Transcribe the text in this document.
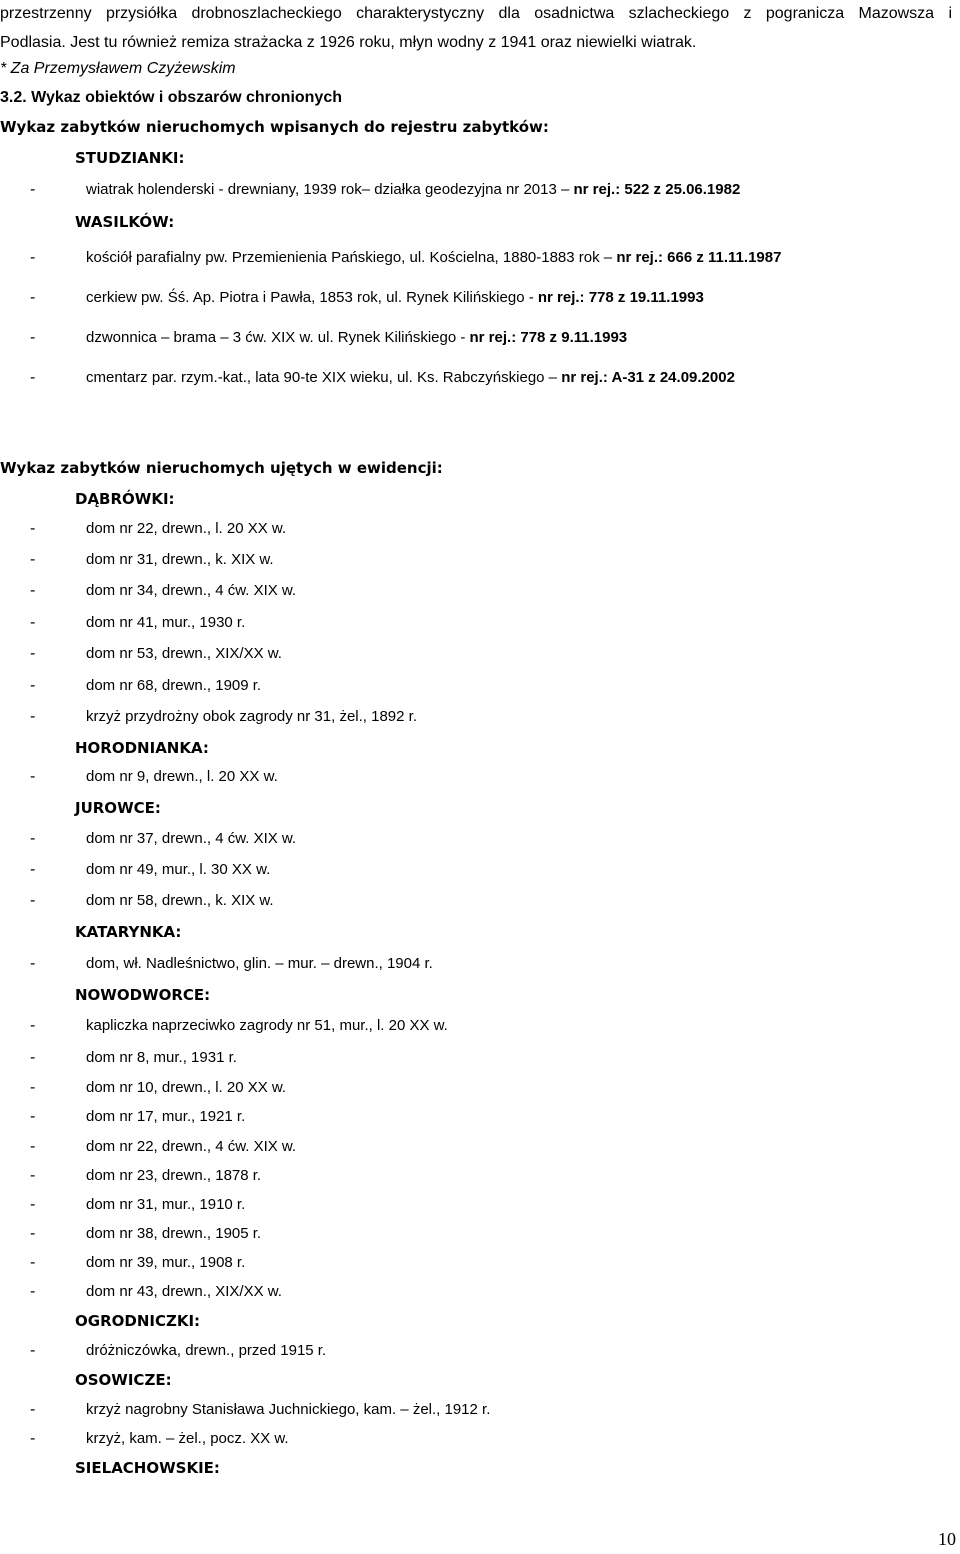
przestrzenny przysiółka drobnoszlacheckiego charakterystyczny dla osadnictwa szlacheckiego z pogranicza Mazowsza i
Podlasia. Jest tu również remiza strażacka z 1926 roku, młyn wodny z 1941 oraz niewielki wiatrak.
* Za Przemysławem Czyżewskim
3.2. Wykaz obiektów i obszarów chronionych
Wykaz zabytków nieruchomych wpisanych do rejestru zabytków:
STUDZIANKI:
-	wiatrak holenderski - drewniany, 1939 rok– działka geodezyjna nr 2013 – nr rej.: 522 z 25.06.1982
WASILKÓW:
-	kościół parafialny pw. Przemienienia Pańskiego, ul. Kościelna, 1880-1883 rok – nr rej.: 666 z 11.11.1987
-	cerkiew pw. Śś. Ap. Piotra i Pawła, 1853 rok, ul. Rynek Kilińskiego - nr rej.: 778 z 19.11.1993
-	dzwonnica – brama – 3 ćw. XIX w. ul. Rynek Kilińskiego - nr rej.: 778 z 9.11.1993
-	cmentarz par. rzym.-kat., lata 90-te XIX wieku, ul. Ks. Rabczyńskiego – nr rej.: A-31 z 24.09.2002
Wykaz zabytków nieruchomych ujętych w ewidencji:
DĄBRÓWKI:
-	dom nr 22, drewn., l. 20 XX w.
-	dom nr 31, drewn., k. XIX w.
-	dom nr 34, drewn., 4 ćw. XIX w.
-	dom nr 41, mur., 1930 r.
-	dom nr 53, drewn., XIX/XX w.
-	dom nr 68, drewn., 1909 r.
-	krzyż przydrożny obok zagrody nr 31, żel., 1892 r.
HORODNIANKA:
-	dom nr 9, drewn., l. 20 XX w.
JUROWCE:
-	dom nr 37, drewn., 4 ćw. XIX w.
-	dom nr 49, mur., l. 30 XX w.
-	dom nr 58, drewn., k. XIX w.
KATARYNKA:
-	dom, wł. Nadleśnictwo, glin. – mur. – drewn., 1904 r.
NOWODWORCE:
-	kapliczka naprzeciwko zagrody nr 51, mur., l. 20 XX w.
-	dom nr 8, mur., 1931 r.
-	dom nr 10, drewn., l. 20 XX w.
-	dom nr 17, mur., 1921 r.
-	dom nr 22, drewn., 4 ćw. XIX w.
-	dom nr 23, drewn., 1878 r.
-	dom nr 31, mur., 1910 r.
-	dom nr 38, drewn., 1905 r.
-	dom nr 39, mur., 1908 r.
-	dom nr 43, drewn., XIX/XX w.
OGRODNICZKI:
-	dróżniczówka, drewn., przed 1915 r.
OSOWICZE:
-	krzyż nagrobny Stanisława Juchnickiego, kam. – żel., 1912 r.
-	krzyż, kam. – żel., pocz. XX w.
SIELACHOWSKIE:
10
